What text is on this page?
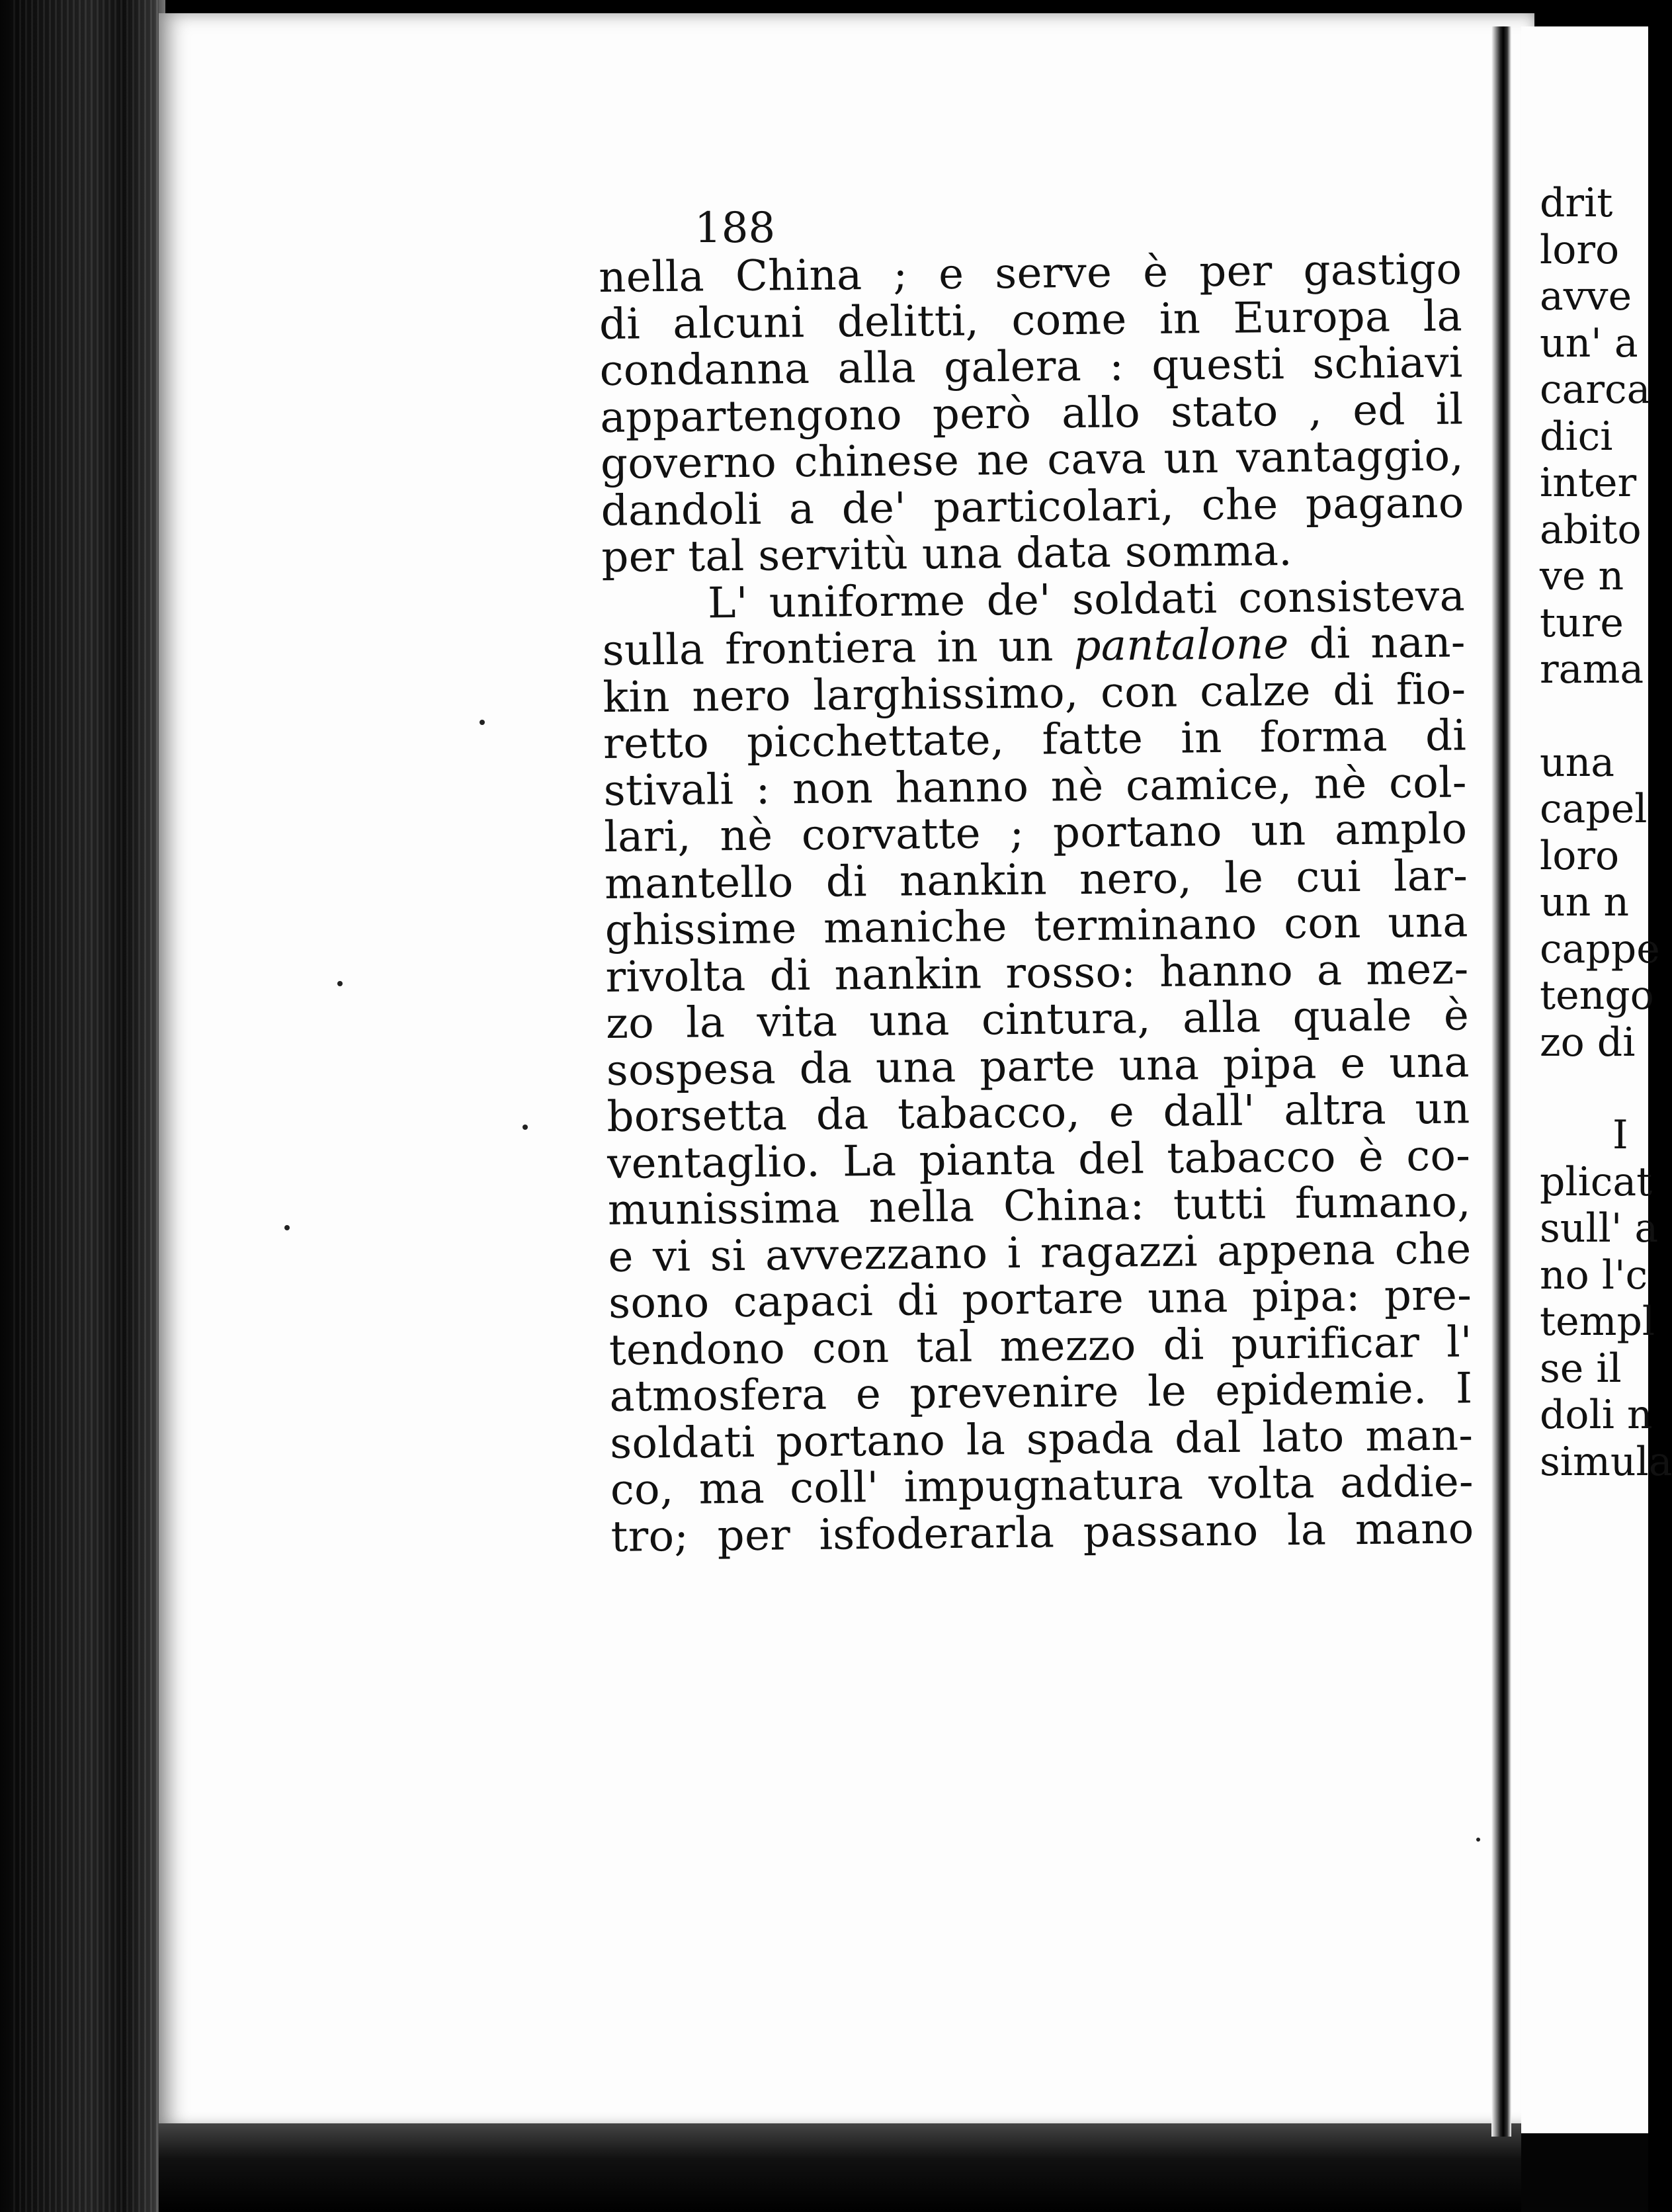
drit
loro
avve
un' a
carca
dici
inter
abito
ve n
ture
rama
una
capel
loro
un n
cappe
tengo
zo di
I
plicat
sull' a
no l'c
templ
se il
doli n
simula
188
nella China ; e serve è per gastigo
di alcuni delitti, come in Europa la
condanna alla galera : questi schiavi
appartengono però allo stato , ed il
governo chinese ne cava un vantaggio,
dandoli a de' particolari, che pagano
per tal servitù una data somma.
L' uniforme de' soldati consisteva
sulla frontiera in un pantalone di nan-
kin nero larghissimo, con calze di fio-
retto picchettate, fatte in forma di
stivali : non hanno nè camice, nè col-
lari, nè corvatte ; portano un amplo
mantello di nankin nero, le cui lar-
ghissime maniche terminano con una
rivolta di nankin rosso: hanno a mez-
zo la vita una cintura, alla quale è
sospesa da una parte una pipa e una
borsetta da tabacco, e dall' altra un
ventaglio. La pianta del tabacco è co-
munissima nella China: tutti fumano,
e vi si avvezzano i ragazzi appena che
sono capaci di portare una pipa: pre-
tendono con tal mezzo di purificar l'
atmosfera e prevenire le epidemie. I
soldati portano la spada dal lato man-
co, ma coll' impugnatura volta addie-
tro; per isfoderarla passano la mano
